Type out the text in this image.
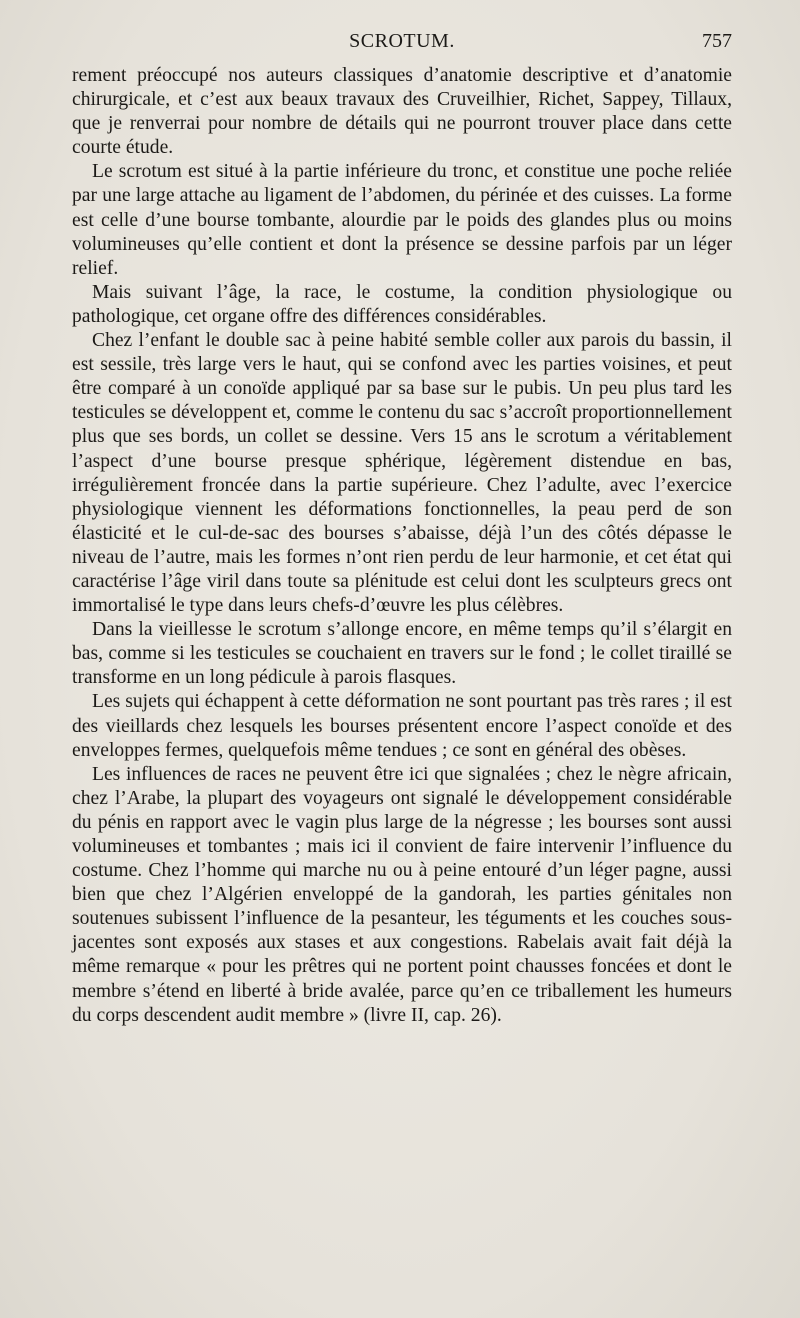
SCROTUM.	757

rement préoccupé nos auteurs classiques d’anatomie descriptive et d’anatomie chirurgicale, et c’est aux beaux travaux des Cruveilhier, Richet, Sappey, Tillaux, que je renverrai pour nombre de détails qui ne pourront trouver place dans cette courte étude.

Le scrotum est situé à la partie inférieure du tronc, et constitue une poche reliée par une large attache au ligament de l’abdomen, du périnée et des cuisses. La forme est celle d’une bourse tombante, alourdie par le poids des glandes plus ou moins volumineuses qu’elle contient et dont la présence se dessine parfois par un léger relief.

Mais suivant l’âge, la race, le costume, la condition physiologique ou pathologique, cet organe offre des différences considérables.

Chez l’enfant le double sac à peine habité semble coller aux parois du bassin, il est sessile, très large vers le haut, qui se confond avec les parties voisines, et peut être comparé à un conoïde appliqué par sa base sur le pubis. Un peu plus tard les testicules se développent et, comme le contenu du sac s’accroît proportionnellement plus que ses bords, un collet se dessine. Vers 15 ans le scrotum a véritablement l’aspect d’une bourse presque sphérique, légèrement distendue en bas, irrégulièrement froncée dans la partie supérieure. Chez l’adulte, avec l’exercice physiologique viennent les déformations fonctionnelles, la peau perd de son élasticité et le cul-de-sac des bourses s’abaisse, déjà l’un des côtés dépasse le niveau de l’autre, mais les formes n’ont rien perdu de leur harmonie, et cet état qui caractérise l’âge viril dans toute sa plénitude est celui dont les sculpteurs grecs ont immortalisé le type dans leurs chefs-d’œuvre les plus célèbres.

Dans la vieillesse le scrotum s’allonge encore, en même temps qu’il s’élargit en bas, comme si les testicules se couchaient en travers sur le fond ; le collet tiraillé se transforme en un long pédicule à parois flasques.

Les sujets qui échappent à cette déformation ne sont pourtant pas très rares ; il est des vieillards chez lesquels les bourses présentent encore l’aspect conoïde et des enveloppes fermes, quelquefois même tendues ; ce sont en général des obèses.

Les influences de races ne peuvent être ici que signalées ; chez le nègre africain, chez l’Arabe, la plupart des voyageurs ont signalé le développement considérable du pénis en rapport avec le vagin plus large de la négresse ; les bourses sont aussi volumineuses et tombantes ; mais ici il convient de faire intervenir l’influence du costume. Chez l’homme qui marche nu ou à peine entouré d’un léger pagne, aussi bien que chez l’Algérien enveloppé de la gandorah, les parties génitales non soutenues subissent l’influence de la pesanteur, les téguments et les couches sous-jacentes sont exposés aux stases et aux congestions. Rabelais avait fait déjà la même remarque « pour les prêtres qui ne portent point chausses foncées et dont le membre s’étend en liberté à bride avalée, parce qu’en ce triballement les humeurs du corps descendent audit membre » (livre II, cap. 26).
